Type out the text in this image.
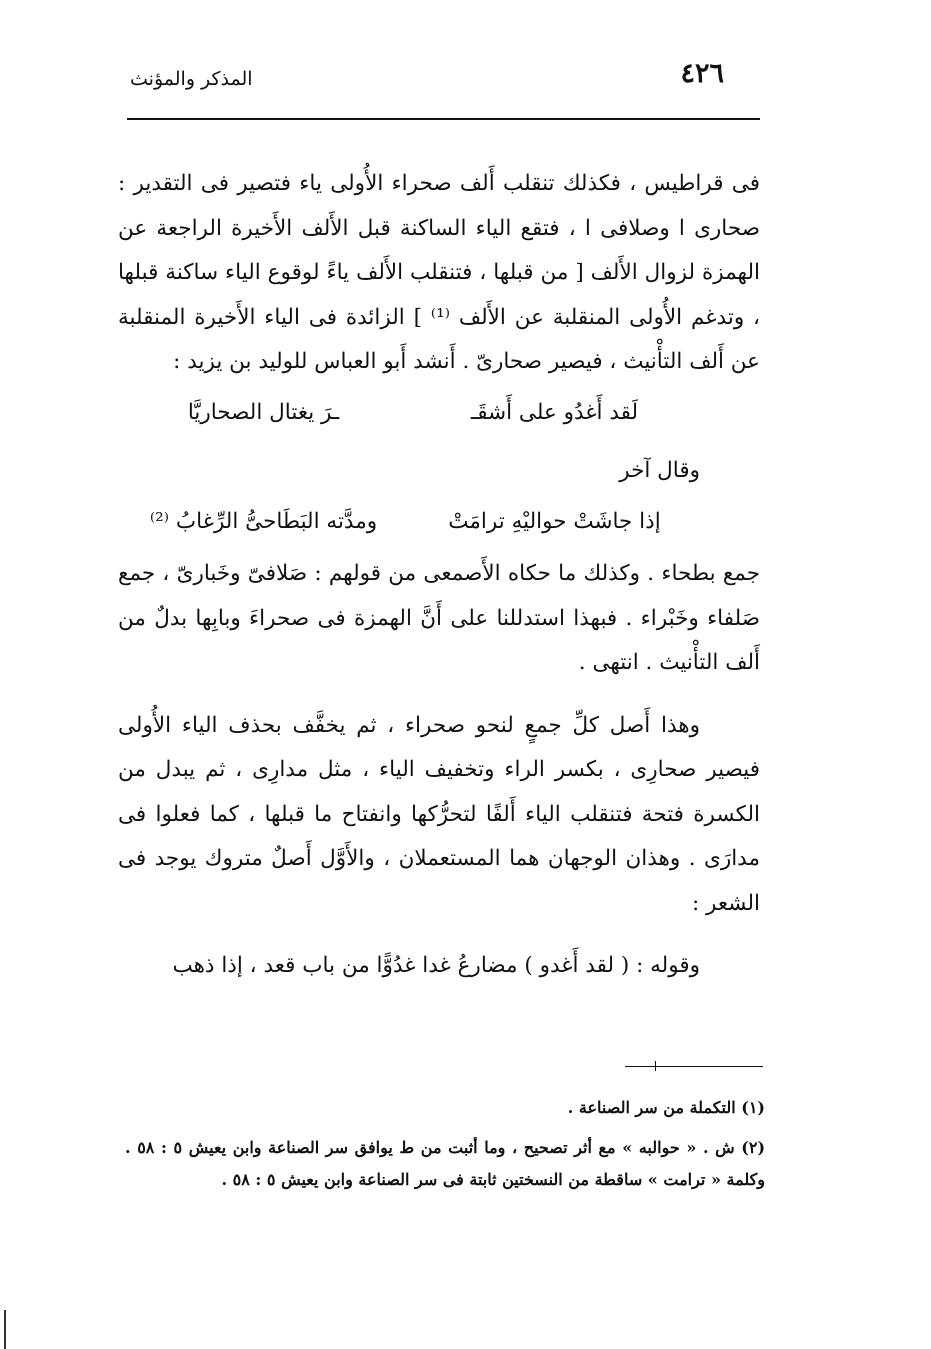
٤٢٦
المذكر والمؤنث

فى قراطيس ، فكذلك تنقلب أَلف صحراء الأُولى ياء فتصير فى التقدير : صحارى ا وصلافى ا ، فتقع الياء الساكنة قبل الأَلف الأَخيرة الراجعة عن الهمزة لزوال الأَلف [ من قبلها ، فتنقلب الأَلف ياءً لوقوع الياء ساكنة قبلها ، وتدغم الأُولى المنقلبة عن الأَلف ⁽¹⁾ ] الزائدة فى الياء الأَخيرة المنقلبة عن أَلف التأْنيث ، فيصير صحارىّ . أَنشد أَبو العباس للوليد بن يزيد :

لَقد أَغدُو على أَشقَـ
ـرَ يغتال الصحاريَّا
وقال آخر
إذا جاشَتْ حواليْهِ ترامَتْ
ومدَّته البَطَاحىُّ الرِّغابُ ⁽²⁾

جمع بطحاء . وكذلك ما حكاه الأَصمعى من قولهم : صَلافىّ وخَبارىّ ، جمع صَلفاء وخَبْراء . فبهذا استدللنا على أَنَّ الهمزة فى صحراءَ وبابِها بدلٌ من أَلف التأْنيث . انتهى .

وهذا أَصل كلِّ جمعٍ لنحو صحراء ، ثم يخفَّف بحذف الياء الأُولى فيصير صحارِى ، بكسر الراء وتخفيف الياء ، مثل مدارِى ، ثم يبدل من الكسرة فتحة فتنقلب الياء أَلفًا لتحرُّكها وانفتاح ما قبلها ، كما فعلوا فى مدارَى . وهذان الوجهان هما المستعملان ، والأَوَّل أَصلٌ متروك يوجد فى الشعر :

وقوله : ( لقد أَغدو ) مضارعُ غدا غدُوًّا من باب قعد ، إذا ذهب

(١) التكملة من سر الصناعة .

(٢) ش . « حوالبه » مع أثر تصحيح ، وما أثبت من ط يوافق سر الصناعة وابن يعيش ٥ : ٥٨ . وكلمة « ترامت » ساقطة من النسختين ثابتة فى سر الصناعة وابن يعيش ٥ : ٥٨ .
